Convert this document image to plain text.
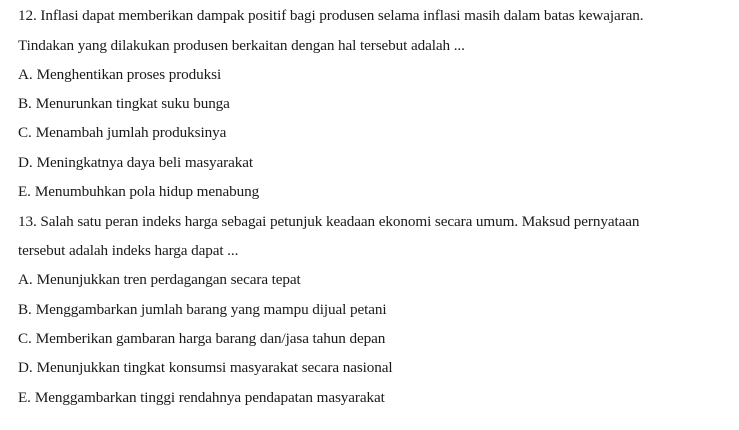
12. Inflasi dapat memberikan dampak positif bagi produsen selama inflasi masih dalam batas kewajaran.
Tindakan yang dilakukan produsen berkaitan dengan hal tersebut adalah ...
A. Menghentikan proses produksi
B. Menurunkan tingkat suku bunga
C. Menambah jumlah produksinya
D. Meningkatnya daya beli masyarakat
E. Menumbuhkan pola hidup menabung
13. Salah satu peran indeks harga sebagai petunjuk keadaan ekonomi secara umum. Maksud pernyataan
tersebut adalah indeks harga dapat ...
A. Menunjukkan tren perdagangan secara tepat
B. Menggambarkan jumlah barang yang mampu dijual petani
C. Memberikan gambaran harga barang dan/jasa tahun depan
D. Menunjukkan tingkat konsumsi masyarakat secara nasional
E. Menggambarkan tinggi rendahnya pendapatan masyarakat
